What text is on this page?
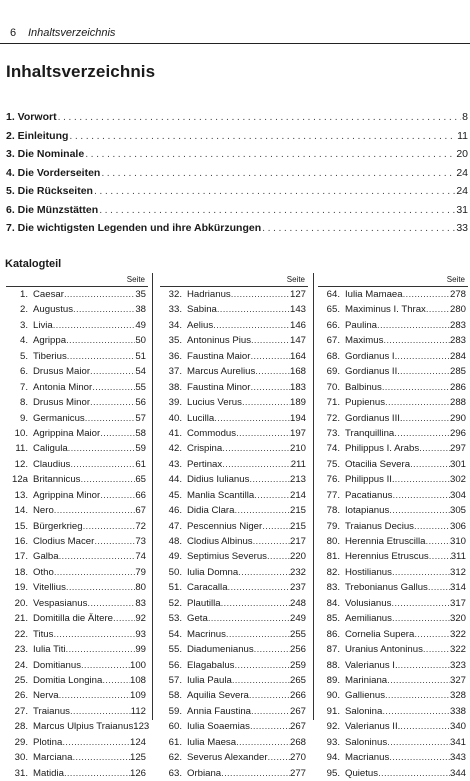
6 Inhaltsverzeichnis
Inhaltsverzeichnis
1. Vorwort . . .	8
2. Einleitung . . .	11
3. Die Nominale . . .	20
4. Die Vorderseiten . . .	24
5. Die Rückseiten . . .	24
6. Die Münzstätten . . .	31
7. Die wichtigsten Legenden und ihre Abkürzungen . . .	33
Katalogteil
Seite
1. Caesar . . .	35
2. Augustus . . .	38
3. Livia . . .	49
4. Agrippa . . .	50
5. Tiberius . . .	51
6. Drusus Maior . . .	54
7. Antonia Minor . . .	55
8. Drusus Minor . . .	56
9. Germanicus . . .	57
10. Agrippina Maior . . .	58
11. Caligula . . .	59
12. Claudius . . .	61
12a Britannicus . . .	65
13. Agrippina Minor . . .	66
14. Nero . . .	67
15. Bürgerkrieg . . .	72
16. Clodius Macer . . .	73
17. Galba . . .	74
18. Otho . . .	79
19. Vitellius . . .	80
20. Vespasianus . . .	83
21. Domitilla die Ältere . . . 92
22. Titus . . .	93
23. Iulia Titi . . .	99
24. Domitianus . . .	100
25. Domitia Longina . . .	108
26. Nerva . . .	109
27. Traianus . . .	112
28. Marcus Ulpius Traianus 123
29. Plotina . . .	124
30. Marciana . . .	125
31. Matidia . . .	126
Seite
32. Hadrianus . . .	127
33. Sabina . . .	143
34. Aelius . . .	146
35. Antoninus Pius . . .	147
36. Faustina Maior . . .	164
37. Marcus Aurelius . . .	168
38. Faustina Minor . . .	183
39. Lucius Verus . . .	189
40. Lucilla . . .	194
41. Commodus . . .	197
42. Crispina . . .	210
43. Pertinax . . .	211
44. Didius Iulianus . . .	213
45. Manlia Scantilla . . .	214
46. Didia Clara . . .	215
47. Pescennius Niger . . .	215
48. Clodius Albinus . . .	217
49. Septimius Severus . . . 220
50. Iulia Domna . . .	232
51. Caracalla . . .	237
52. Plautilla . . .	248
53. Geta . . .	249
54. Macrinus . . .	255
55. Diadumenianus . . .	256
56. Elagabalus . . .	259
57. Iulia Paula . . .	265
58. Aquilia Severa . . .	266
59. Annia Faustina . . .	267
60. Iulia Soaemias . . .	267
61. Iulia Maesa . . .	268
62. Severus Alexander . . . 270
63. Orbiana . . .	277
Seite
64. Iulia Mamaea . . .	278
65. Maximinus I. Thrax . . .	280
66. Paulina . . .	283
67. Maximus . . .	283
68. Gordianus I. . . .	284
69. Gordianus II. . . .	285
70. Balbinus . . .	286
71. Pupienus . . .	288
72. Gordianus III. . . .	290
73. Tranquillina . . .	296
74. Philippus I. Arabs . . .	297
75. Otacilia Severa . . .	301
76. Philippus II. . . .	302
77. Pacatianus . . .	304
78. Iotapianus . . .	305
79. Traianus Decius . . .	306
80. Herennia Etruscilla . . .	310
81. Herennius Etruscus . . . 311
82. Hostilianus . . .	312
83. Trebonianus Gallus . . . 314
84. Volusianus . . .	317
85. Aemilianus . . .	320
86. Cornelia Supera . . .	322
87. Uranius Antoninus . . .	322
88. Valerianus I. . . .	323
89. Mariniana . . .	327
90. Gallienus . . .	328
91. Salonina . . .	338
92. Valerianus II. . . .	340
93. Saloninus . . .	341
94. Macrianus . . .	343
95. Quietus . . .	344
